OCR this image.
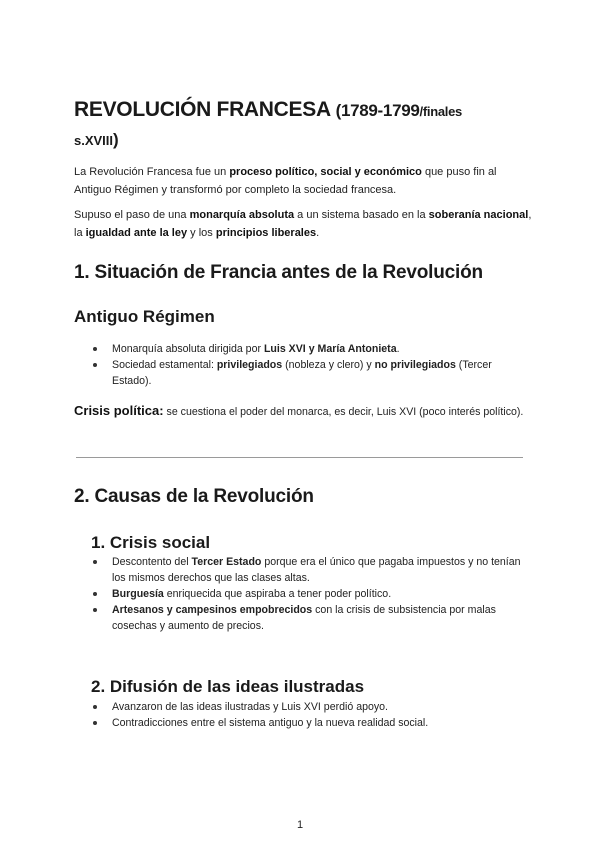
REVOLUCIÓN FRANCESA (1789-1799/finales
s.XVIII)

La Revolución Francesa fue un proceso político, social y económico que puso fin al Antiguo Régimen y transformó por completo la sociedad francesa.

Supuso el paso de una monarquía absoluta a un sistema basado en la soberanía nacional, la igualdad ante la ley y los principios liberales.

1. Situación de Francia antes de la Revolución
Antiguo Régimen
Monarquía absoluta dirigida por Luis XVI y María Antonieta.
Sociedad estamental: privilegiados (nobleza y clero) y no privilegiados (Tercer Estado).

Crisis política: se cuestiona el poder del monarca, es decir, Luis XVI (poco interés político).

2. Causas de la Revolución
1. Crisis social
Descontento del Tercer Estado porque era el único que pagaba impuestos y no tenían los mismos derechos que las clases altas.
Burguesía enriquecida que aspiraba a tener poder político.
Artesanos y campesinos empobrecidos con la crisis de subsistencia por malas cosechas y aumento de precios.
2. Difusión de las ideas ilustradas
Avanzaron de las ideas ilustradas y Luis XVI perdió apoyo.
Contradicciones entre el sistema antiguo y la nueva realidad social.
1
